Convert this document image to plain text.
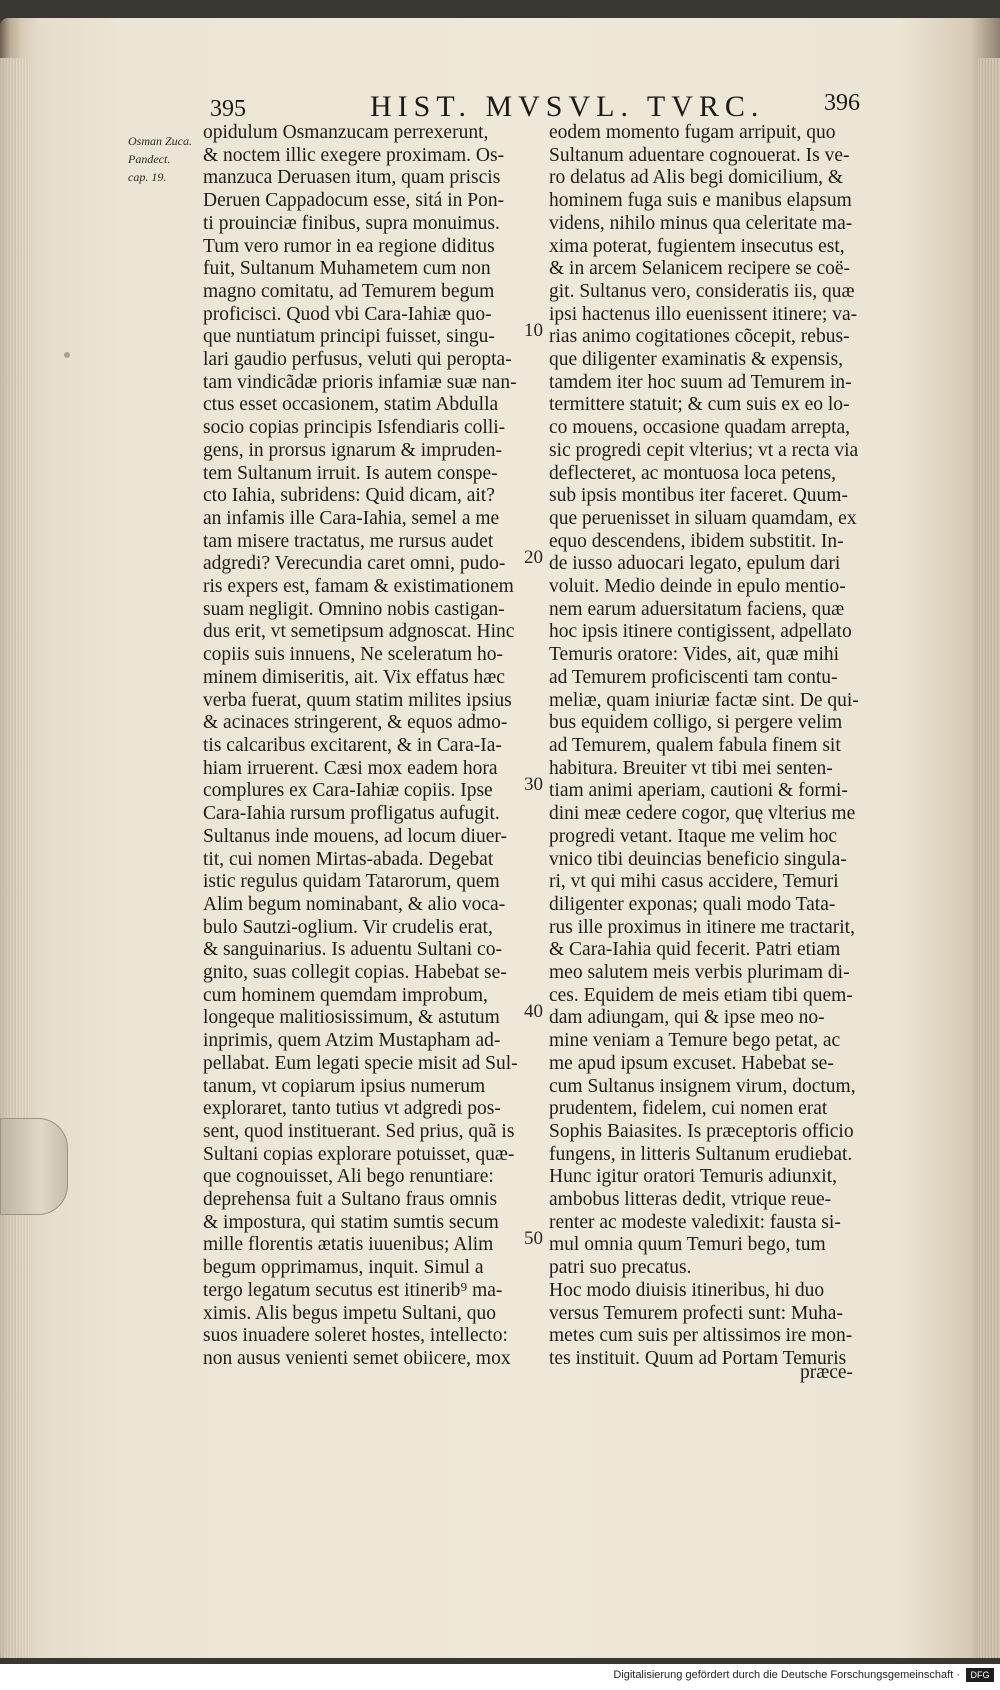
395	HIST. MVSVL. TVRC. 396
Osman Zuca.
Pandect.
cap. 19.
opidulum Osmanzucam perrexerunt,
& noctem illic exegere proximam. Os-
manzuca Deruasen itum, quam priscis
Deruen Cappadocum esse, sitá in Pon-
ti prouinciæ finibus, supra monuimus.
Tum vero rumor in ea regione diditus
fuit, Sultanum Muhametem cum non
magno comitatu, ad Temurem begum
proficisci. Quod vbi Cara-Iahiæ quo-
que nuntiatum principi fuisset, singu-
lari gaudio perfusus, veluti qui peropta-
tam vindicãdæ prioris infamiæ suæ nan-
ctus esset occasionem, statim Abdulla
socio copias principis Isfendiaris colli-
gens, in prorsus ignarum & impruden-
tem Sultanum irruit. Is autem conspe-
cto Iahia, subridens: Quid dicam, ait?
an infamis ille Cara-Iahia, semel a me
tam misere tractatus, me rursus audet
adgredi? Verecundia caret omni, pudo-
ris expers est, famam & existimationem
suam negligit. Omnino nobis castigan-
dus erit, vt semetipsum adgnoscat. Hinc
copiis suis innuens, Ne sceleratum ho-
minem dimiseritis, ait. Vix effatus hæc
verba fuerat, quum statim milites ipsius
& acinaces stringerent, & equos admo-
tis calcaribus excitarent, & in Cara-Ia-
hiam irruerent. Cæsi mox eadem hora
complures ex Cara-Iahiæ copiis. Ipse
Cara-Iahia rursum profligatus aufugit.
Sultanus inde mouens, ad locum diuer-
tit, cui nomen Mirtas-abada. Degebat
istic regulus quidam Tatarorum, quem
Alim begum nominabant, & alio voca-
bulo Sautzi-oglium. Vir crudelis erat,
& sanguinarius. Is aduentu Sultani co-
gnito, suas collegit copias. Habebat se-
cum hominem quemdam improbum,
longeque malitiosissimum, & astutum
inprimis, quem Atzim Mustapham ad-
pellabat. Eum legati specie misit ad Sul-
tanum, vt copiarum ipsius numerum
exploraret, tanto tutius vt adgredi pos-
sent, quod instituerant. Sed prius, quã is
Sultani copias explorare potuisset, quæ-
que cognouisset, Ali bego renuntiare:
deprehensa fuit a Sultano fraus omnis
& impostura, qui statim sumtis secum
mille florentis ætatis iuuenibus; Alim
begum opprimamus, inquit. Simul a
tergo legatum secutus est itinerib⁹ ma-
ximis. Alis begus impetu Sultani, quo
suos inuadere soleret hostes, intellecto:
non ausus venienti semet obiicere, mox
eodem momento fugam arripuit, quo
Sultanum aduentare cognouerat. Is ve-
ro delatus ad Alis begi domicilium, &
hominem fuga suis e manibus elapsum
videns, nihilo minus qua celeritate ma-
xima poterat, fugientem insecutus est,
& in arcem Selanicem recipere se coë-
git. Sultanus vero, consideratis iis, quæ
ipsi hactenus illo euenissent itinere; va-
rias animo cogitationes cõcepit, rebus-
que diligenter examinatis & expensis,
tamdem iter hoc suum ad Temurem in-
termittere statuit; & cum suis ex eo lo-
co mouens, occasione quadam arrepta,
sic progredi cepit vlterius; vt a recta via
deflecteret, ac montuosa loca petens,
sub ipsis montibus iter faceret. Quum-
que peruenisset in siluam quamdam, ex
equo descendens, ibidem substitit. In-
de iusso aduocari legato, epulum dari
voluit. Medio deinde in epulo mentio-
nem earum aduersitatum faciens, quæ
hoc ipsis itinere contigissent, adpellato
Temuris oratore: Vides, ait, quæ mihi
ad Temurem proficiscenti tam contu-
meliæ, quam iniuriæ factæ sint. De qui-
bus equidem colligo, si pergere velim
ad Temurem, qualem fabula finem sit
habitura. Breuiter vt tibi mei senten-
tiam animi aperiam, cautioni & formi-
dini meæ cedere cogor, quę vlterius me
progredi vetant. Itaque me velim hoc
vnico tibi deuincias beneficio singula-
ri, vt qui mihi casus accidere, Temuri
diligenter exponas; quali modo Tata-
rus ille proximus in itinere me tractarit,
& Cara-Iahia quid fecerit. Patri etiam
meo salutem meis verbis plurimam di-
ces. Equidem de meis etiam tibi quem-
dam adiungam, qui & ipse meo no-
mine veniam a Temure bego petat, ac
me apud ipsum excuset. Habebat se-
cum Sultanus insignem virum, doctum,
prudentem, fidelem, cui nomen erat
Sophis Baiasites. Is præceptoris officio
fungens, in litteris Sultanum erudiebat.
Hunc igitur oratori Temuris adiunxit,
ambobus litteras dedit, vtrique reue-
renter ac modeste valedixit: fausta si-
mul omnia quum Temuri bego, tum
patri suo precatus.
Hoc modo diuisis itineribus, hi duo
versus Temurem profecti sunt: Muha-
metes cum suis per altissimos ire mon-
tes instituit. Quum ad Portam Temuris
10
20
30
40
50
præce-
Digitalisierung gefördert durch die Deutsche Forschungsgemeinschaft ·	DFG
